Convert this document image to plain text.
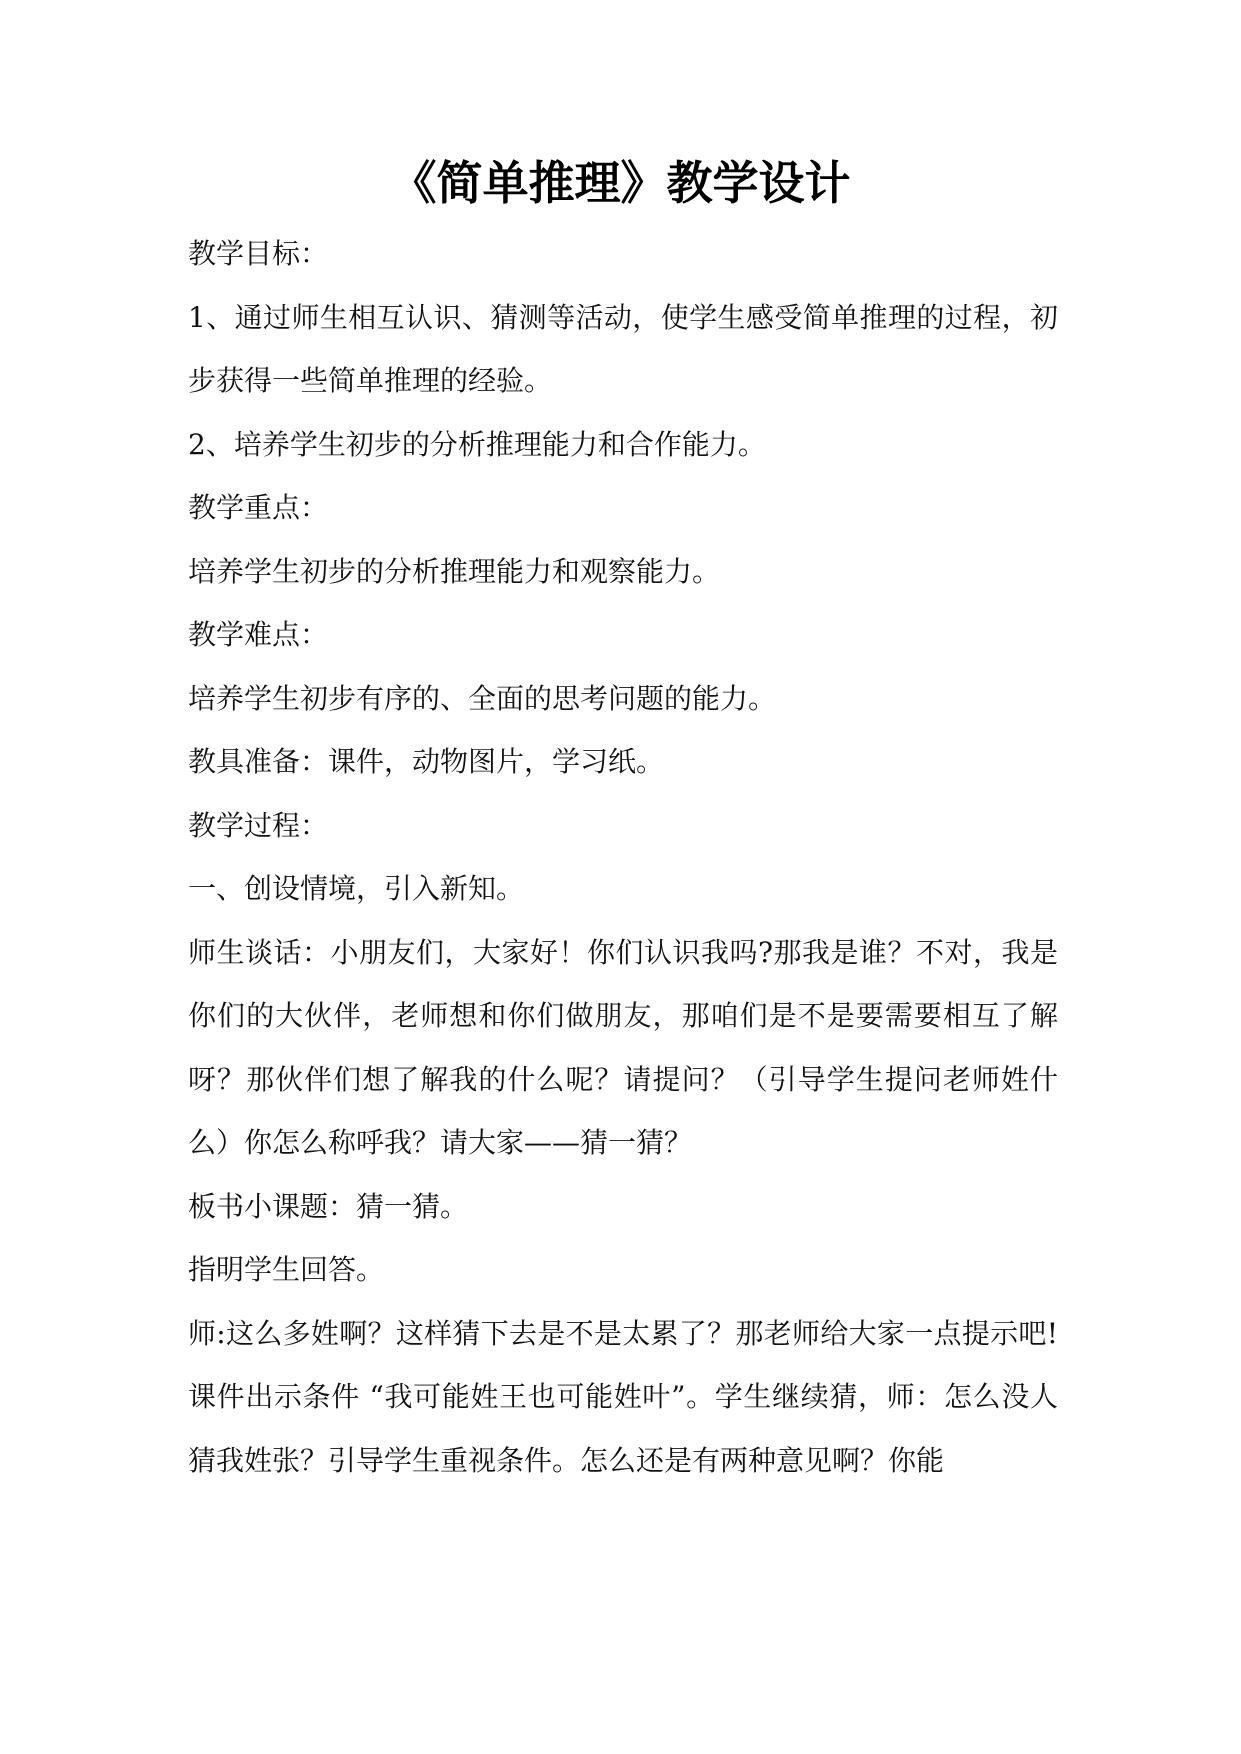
《简单推理》教学设计

教学目标：

1、通过师生相互认识、猜测等活动，使学生感受简单推理的过程，初步获得一些简单推理的经验。

2、培养学生初步的分析推理能力和合作能力。

教学重点：

培养学生初步的分析推理能力和观察能力。

教学难点：

培养学生初步有序的、全面的思考问题的能力。

教具准备：课件，动物图片，学习纸。

教学过程：

一、创设情境，引入新知。

师生谈话：小朋友们，大家好！你们认识我吗?那我是谁？不对，我是你们的大伙伴，老师想和你们做朋友，那咱们是不是要需要相互了解呀？那伙伴们想了解我的什么呢？请提问？（引导学生提问老师姓什么）你怎么称呼我？请大家——猜一猜？

板书小课题：猜一猜。

指明学生回答。

师:这么多姓啊？这样猜下去是不是太累了？那老师给大家一点提示吧!课件出示条件 “我可能姓王也可能姓叶”。学生继续猜，师：怎么没人猜我姓张？引导学生重视条件。怎么还是有两种意见啊？你能
